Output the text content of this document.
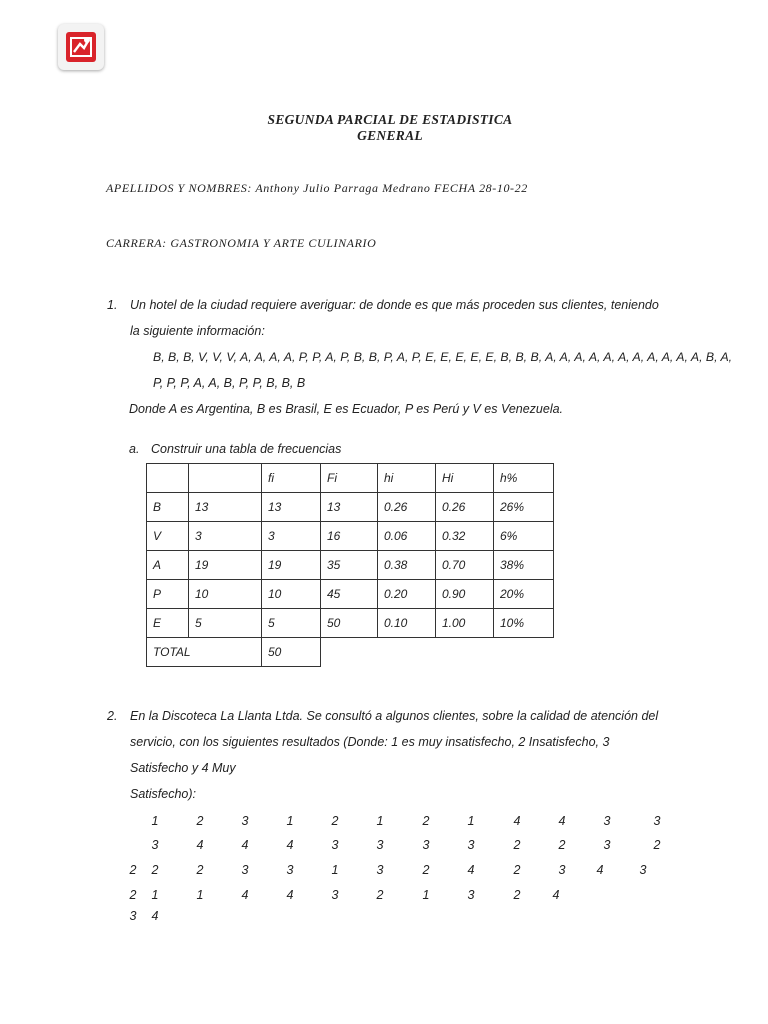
SEGUNDA PARCIAL DE ESTADISTICA
GENERAL
APELLIDOS Y NOMBRES: Anthony Julio Parraga Medrano FECHA 28-10-22
CARRERA: GASTRONOMIA Y ARTE CULINARIO
1. Un hotel de la ciudad requiere averiguar: de donde es que más proceden sus clientes, teniendo
la siguiente información:
B, B, B, V, V, V, A, A, A, A, P, P, A, P, B, B, P, A, P, E, E, E, E, E, B, B, B, A, A, A, A, A, A, A, A, A, A, A, B, A,
P, P, P, A, A, B, P, P, B, B, B
Donde A es Argentina, B es Brasil, E es Ecuador, P es Perú y V es Venezuela.
a. Construir una tabla de frecuencias
		fi	Fi	hi	Hi	h%
B	13	13	13	0.26	0.26	26%
V	3	3	16	0.06	0.32	6%
A	19	19	35	0.38	0.70	38%
P	10	10	45	0.20	0.90	20%
E	5	5	50	0.10	1.00	10%
TOTAL		50				
2. En la Discoteca La Llanta Ltda. Se consultó a algunos clientes, sobre la calidad de atención del
servicio, con los siguientes resultados (Donde: 1 es muy insatisfecho, 2 Insatisfecho, 3
Satisfecho y 4 Muy
Satisfecho):
1	2	3	1	2	1	2	1	4	4	3	3
3	4	4	4	3	3	3	3	2	2	3	2
2 2	2	3	3	1	3	2	4	2	3 4	3
2 1	1	4	4	3	2	1	3	2	4
3 4
